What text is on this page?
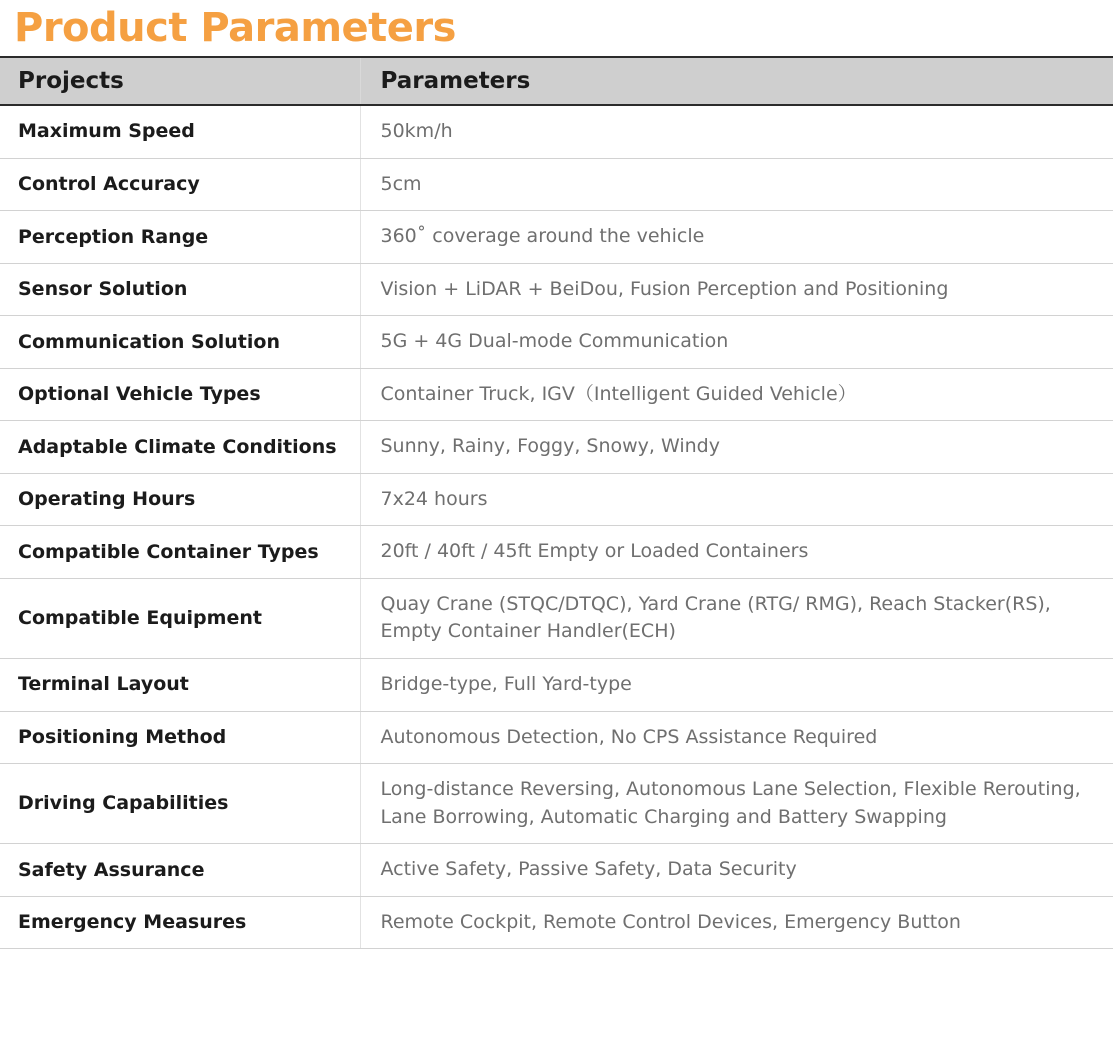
Product Parameters
Projects	Parameters
Maximum Speed	50km/h
Control Accuracy	5cm
Perception Range	360˚ coverage around the vehicle
Sensor Solution	Vision + LiDAR + BeiDou, Fusion Perception and Positioning
Communication Solution	5G + 4G Dual-mode Communication
Optional Vehicle Types	Container Truck, IGV（Intelligent Guided Vehicle）
Adaptable Climate Conditions	Sunny, Rainy, Foggy, Snowy, Windy
Operating Hours	7x24 hours
Compatible Container Types	20ft / 40ft / 45ft Empty or Loaded Containers
Compatible Equipment	Quay Crane (STQC/DTQC), Yard Crane (RTG/ RMG), Reach Stacker(RS), Empty Container Handler(ECH)
Terminal Layout	Bridge-type, Full Yard-type
Positioning Method	Autonomous Detection, No CPS Assistance Required
Driving Capabilities	Long-distance Reversing, Autonomous Lane Selection, Flexible Rerouting, Lane Borrowing, Automatic Charging and Battery Swapping
Safety Assurance	Active Safety, Passive Safety, Data Security
Emergency Measures	Remote Cockpit, Remote Control Devices, Emergency Button
